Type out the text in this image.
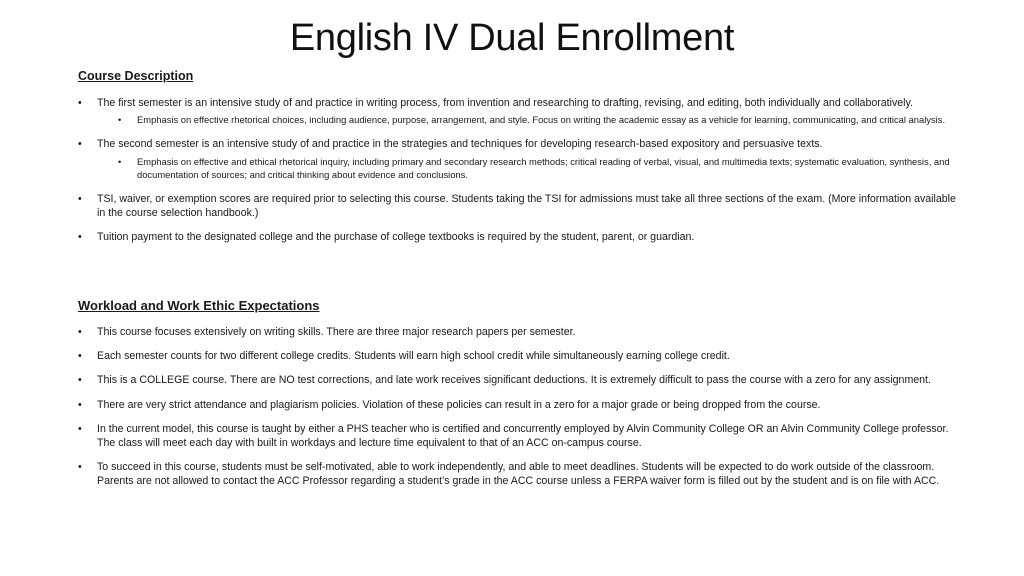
English IV Dual Enrollment

Course Description

• The first semester is an intensive study of and practice in writing process, from invention and researching to drafting, revising, and editing, both individually and collaboratively.
• Emphasis on effective rhetorical choices, including audience, purpose, arrangement, and style. Focus on writing the academic essay as a vehicle for learning, communicating, and critical analysis.
• The second semester is an intensive study of and practice in the strategies and techniques for developing research-based expository and persuasive texts.
• Emphasis on effective and ethical rhetorical inquiry, including primary and secondary research methods; critical reading of verbal, visual, and multimedia texts; systematic evaluation, synthesis, and documentation of sources; and critical thinking about evidence and conclusions.
• TSI, waiver, or exemption scores are required prior to selecting this course. Students taking the TSI for admissions must take all three sections of the exam. (More information available in the course selection handbook.)
• Tuition payment to the designated college and the purchase of college textbooks is required by the student, parent, or guardian.

Workload and Work Ethic Expectations

• This course focuses extensively on writing skills. There are three major research papers per semester.
• Each semester counts for two different college credits. Students will earn high school credit while simultaneously earning college credit.
• This is a COLLEGE course. There are NO test corrections, and late work receives significant deductions. It is extremely difficult to pass the course with a zero for any assignment.
• There are very strict attendance and plagiarism policies. Violation of these policies can result in a zero for a major grade or being dropped from the course.
• In the current model, this course is taught by either a PHS teacher who is certified and concurrently employed by Alvin Community College OR an Alvin Community College professor. The class will meet each day with built in workdays and lecture time equivalent to that of an ACC on-campus course.
• To succeed in this course, students must be self-motivated, able to work independently, and able to meet deadlines. Students will be expected to do work outside of the classroom. Parents are not allowed to contact the ACC Professor regarding a student’s grade in the ACC course unless a FERPA waiver form is filled out by the student and is on file with ACC.
